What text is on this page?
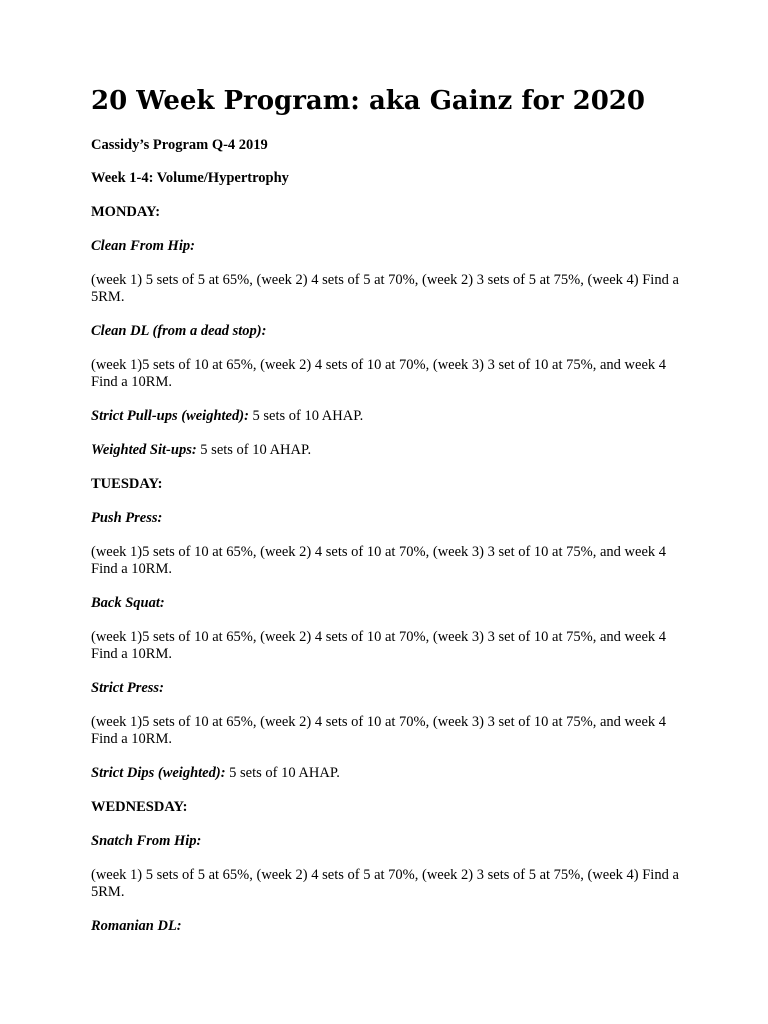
20 Week Program: aka Gainz for 2020
Cassidy’s Program Q-4 2019
Week 1-4: Volume/Hypertrophy
MONDAY:
Clean From Hip:
(week 1) 5 sets of 5 at 65%, (week 2) 4 sets of 5 at 70%, (week 2) 3 sets of 5 at 75%, (week 4) Find a 5RM.
Clean DL (from a dead stop):
(week 1)5 sets of 10 at 65%, (week 2) 4 sets of 10 at 70%, (week 3) 3 set of 10 at 75%, and week 4 Find a 10RM.
Strict Pull-ups (weighted): 5 sets of 10 AHAP.
Weighted Sit-ups: 5 sets of 10 AHAP.
TUESDAY:
Push Press:
(week 1)5 sets of 10 at 65%, (week 2) 4 sets of 10 at 70%, (week 3) 3 set of 10 at 75%, and week 4 Find a 10RM.
Back Squat:
(week 1)5 sets of 10 at 65%, (week 2) 4 sets of 10 at 70%, (week 3) 3 set of 10 at 75%, and week 4 Find a 10RM.
Strict Press:
(week 1)5 sets of 10 at 65%, (week 2) 4 sets of 10 at 70%, (week 3) 3 set of 10 at 75%, and week 4 Find a 10RM.
Strict Dips (weighted): 5 sets of 10 AHAP.
WEDNESDAY:
Snatch From Hip:
(week 1) 5 sets of 5 at 65%, (week 2) 4 sets of 5 at 70%, (week 2) 3 sets of 5 at 75%, (week 4) Find a 5RM.
Romanian DL:
